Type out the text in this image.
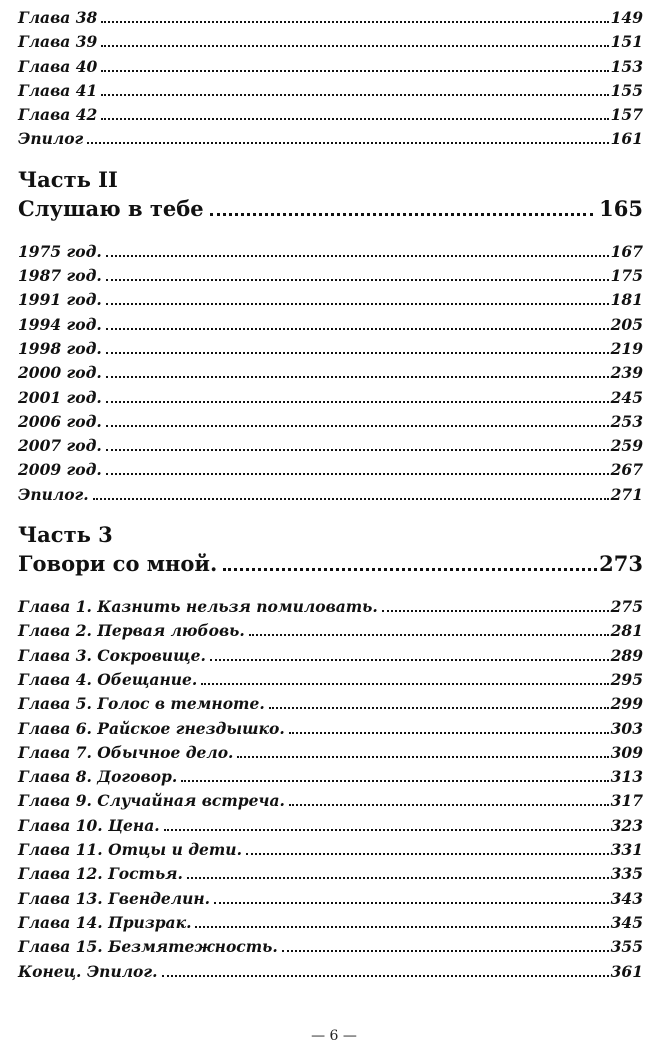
Глава 38	149
Глава 39	151
Глава 40	153
Глава 41	155
Глава 42	157
Эпилог	161
Часть II
Слушаю в тебе	165
1975 год.	167
1987 год.	175
1991 год.	181
1994 год.	205
1998 год.	219
2000 год.	239
2001 год.	245
2006 год.	253
2007 год.	259
2009 год.	267
Эпилог.	271
Часть 3
Говори со мной.	273
Глава 1. Казнить нельзя помиловать.	275
Глава 2. Первая любовь.	281
Глава 3. Сокровище.	289
Глава 4. Обещание.	295
Глава 5. Голос в темноте.	299
Глава 6. Райское гнездышко.	303
Глава 7. Обычное дело.	309
Глава 8. Договор.	313
Глава 9. Случайная встреча.	317
Глава 10. Цена.	323
Глава 11. Отцы и дети.	331
Глава 12. Гостья.	335
Глава 13. Гвенделин.	343
Глава 14. Призрак.	345
Глава 15. Безмятежность.	355
Конец. Эпилог.	361
— 6 —
